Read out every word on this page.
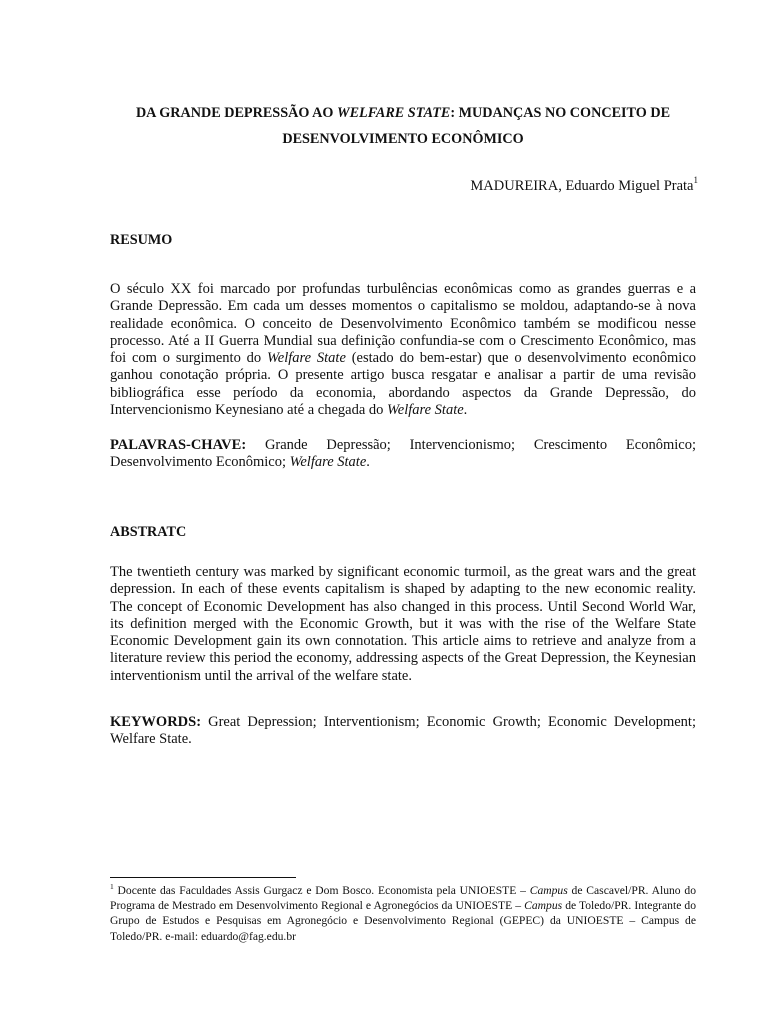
DA GRANDE DEPRESSÃO AO WELFARE STATE: MUDANÇAS NO CONCEITO DE DESENVOLVIMENTO ECONÔMICO

MADUREIRA, Eduardo Miguel Prata$^1$

RESUMO

O século XX foi marcado por profundas turbulências econômicas como as grandes guerras e a Grande Depressão. Em cada um desses momentos o capitalismo se moldou, adaptando-se à nova realidade econômica. O conceito de Desenvolvimento Econômico também se modificou nesse processo. Até a II Guerra Mundial sua definição confundia-se com o Crescimento Econômico, mas foi com o surgimento do Welfare State (estado do bem-estar) que o desenvolvimento econômico ganhou conotação própria. O presente artigo busca resgatar e analisar a partir de uma revisão bibliográfica esse período da economia, abordando aspectos da Grande Depressão, do Intervencionismo Keynesiano até a chegada do Welfare State.

PALAVRAS-CHAVE: Grande Depressão; Intervencionismo; Crescimento Econômico; Desenvolvimento Econômico; Welfare State.

ABSTRATC

The twentieth century was marked by significant economic turmoil, as the great wars and the great depression. In each of these events capitalism is shaped by adapting to the new economic reality. The concept of Economic Development has also changed in this process. Until Second World War, its definition merged with the Economic Growth, but it was with the rise of the Welfare State Economic Development gain its own connotation. This article aims to retrieve and analyze from a literature review this period the economy, addressing aspects of the Great Depression, the Keynesian interventionism until the arrival of the welfare state.

KEYWORDS: Great Depression; Interventionism; Economic Growth; Economic Development; Welfare State.

$^1$ Docente das Faculdades Assis Gurgacz e Dom Bosco. Economista pela UNIOESTE – Campus de Cascavel/PR. Aluno do Programa de Mestrado em Desenvolvimento Regional e Agronegócios da UNIOESTE – Campus de Toledo/PR. Integrante do Grupo de Estudos e Pesquisas em Agronegócio e Desenvolvimento Regional (GEPEC) da UNIOESTE – Campus de Toledo/PR. e-mail: eduardo@fag.edu.br
